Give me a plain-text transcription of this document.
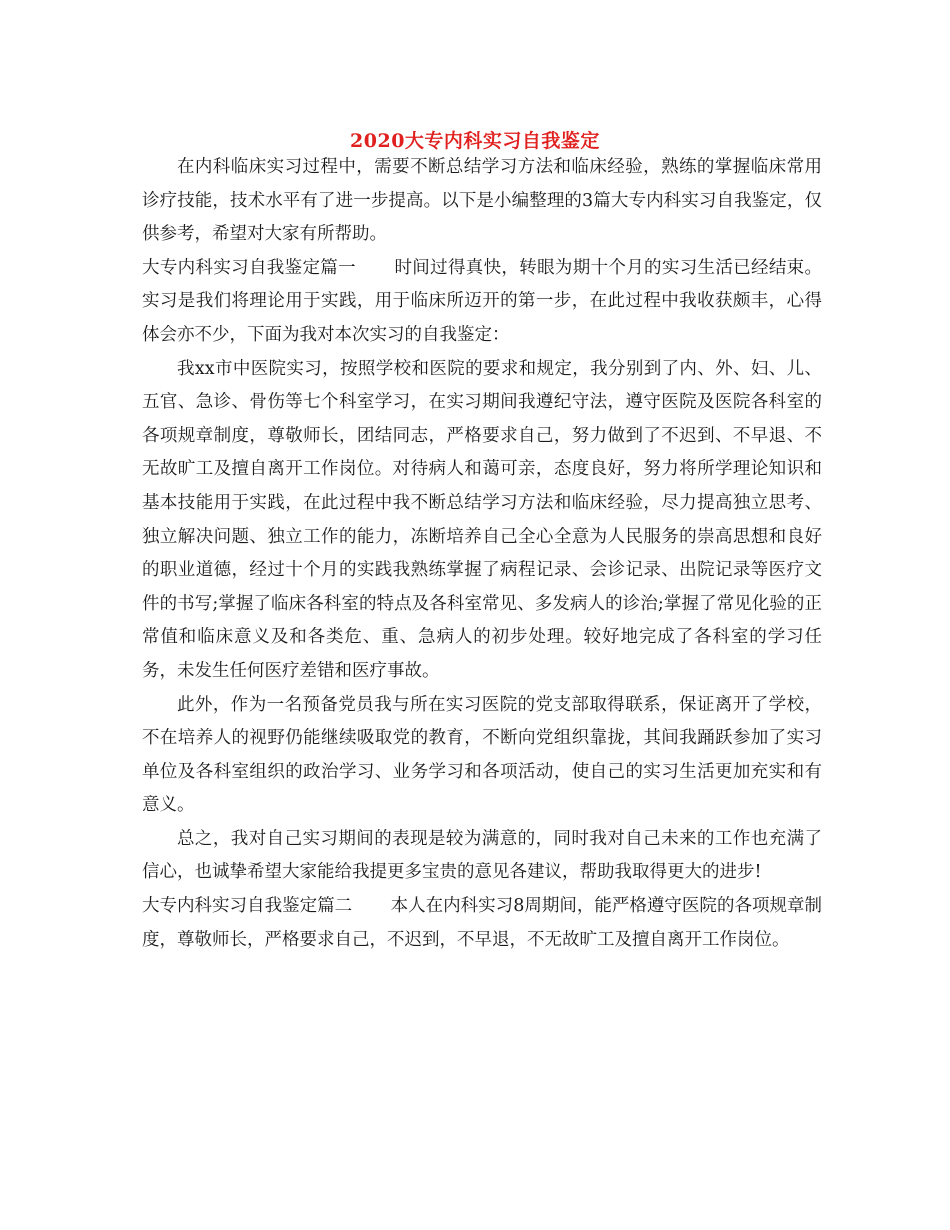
2020大专内科实习自我鉴定

在内科临床实习过程中，需要不断总结学习方法和临床经验，熟练的掌握临床常用诊疗技能，技术水平有了进一步提高。以下是小编整理的3篇大专内科实习自我鉴定，仅供参考，希望对大家有所帮助。

大专内科实习自我鉴定篇一 时间过得真快，转眼为期十个月的实习生活已经结束。实习是我们将理论用于实践，用于临床所迈开的第一步，在此过程中我收获颇丰，心得体会亦不少，下面为我对本次实习的自我鉴定：

我xx市中医院实习，按照学校和医院的要求和规定，我分别到了内、外、妇、儿、五官、急诊、骨伤等七个科室学习，在实习期间我遵纪守法，遵守医院及医院各科室的各项规章制度，尊敬师长，团结同志，严格要求自己，努力做到了不迟到、不早退、不无故旷工及擅自离开工作岗位。对待病人和蔼可亲，态度良好，努力将所学理论知识和基本技能用于实践，在此过程中我不断总结学习方法和临床经验，尽力提高独立思考、独立解决问题、独立工作的能力，冻断培养自己全心全意为人民服务的崇高思想和良好的职业道德，经过十个月的实践我熟练掌握了病程记录、会诊记录、出院记录等医疗文件的书写;掌握了临床各科室的特点及各科室常见、多发病人的诊治;掌握了常见化验的正常值和临床意义及和各类危、重、急病人的初步处理。较好地完成了各科室的学习任务，未发生任何医疗差错和医疗事故。

此外，作为一名预备党员我与所在实习医院的党支部取得联系，保证离开了学校，不在培养人的视野仍能继续吸取党的教育，不断向党组织靠拢，其间我踊跃参加了实习单位及各科室组织的政治学习、业务学习和各项活动，使自己的实习生活更加充实和有意义。

总之，我对自己实习期间的表现是较为满意的，同时我对自己未来的工作也充满了信心，也诚挚希望大家能给我提更多宝贵的意见各建议，帮助我取得更大的进步!

大专内科实习自我鉴定篇二 本人在内科实习8周期间，能严格遵守医院的各项规章制度，尊敬师长，严格要求自己，不迟到，不早退，不无故旷工及擅自离开工作岗位。
